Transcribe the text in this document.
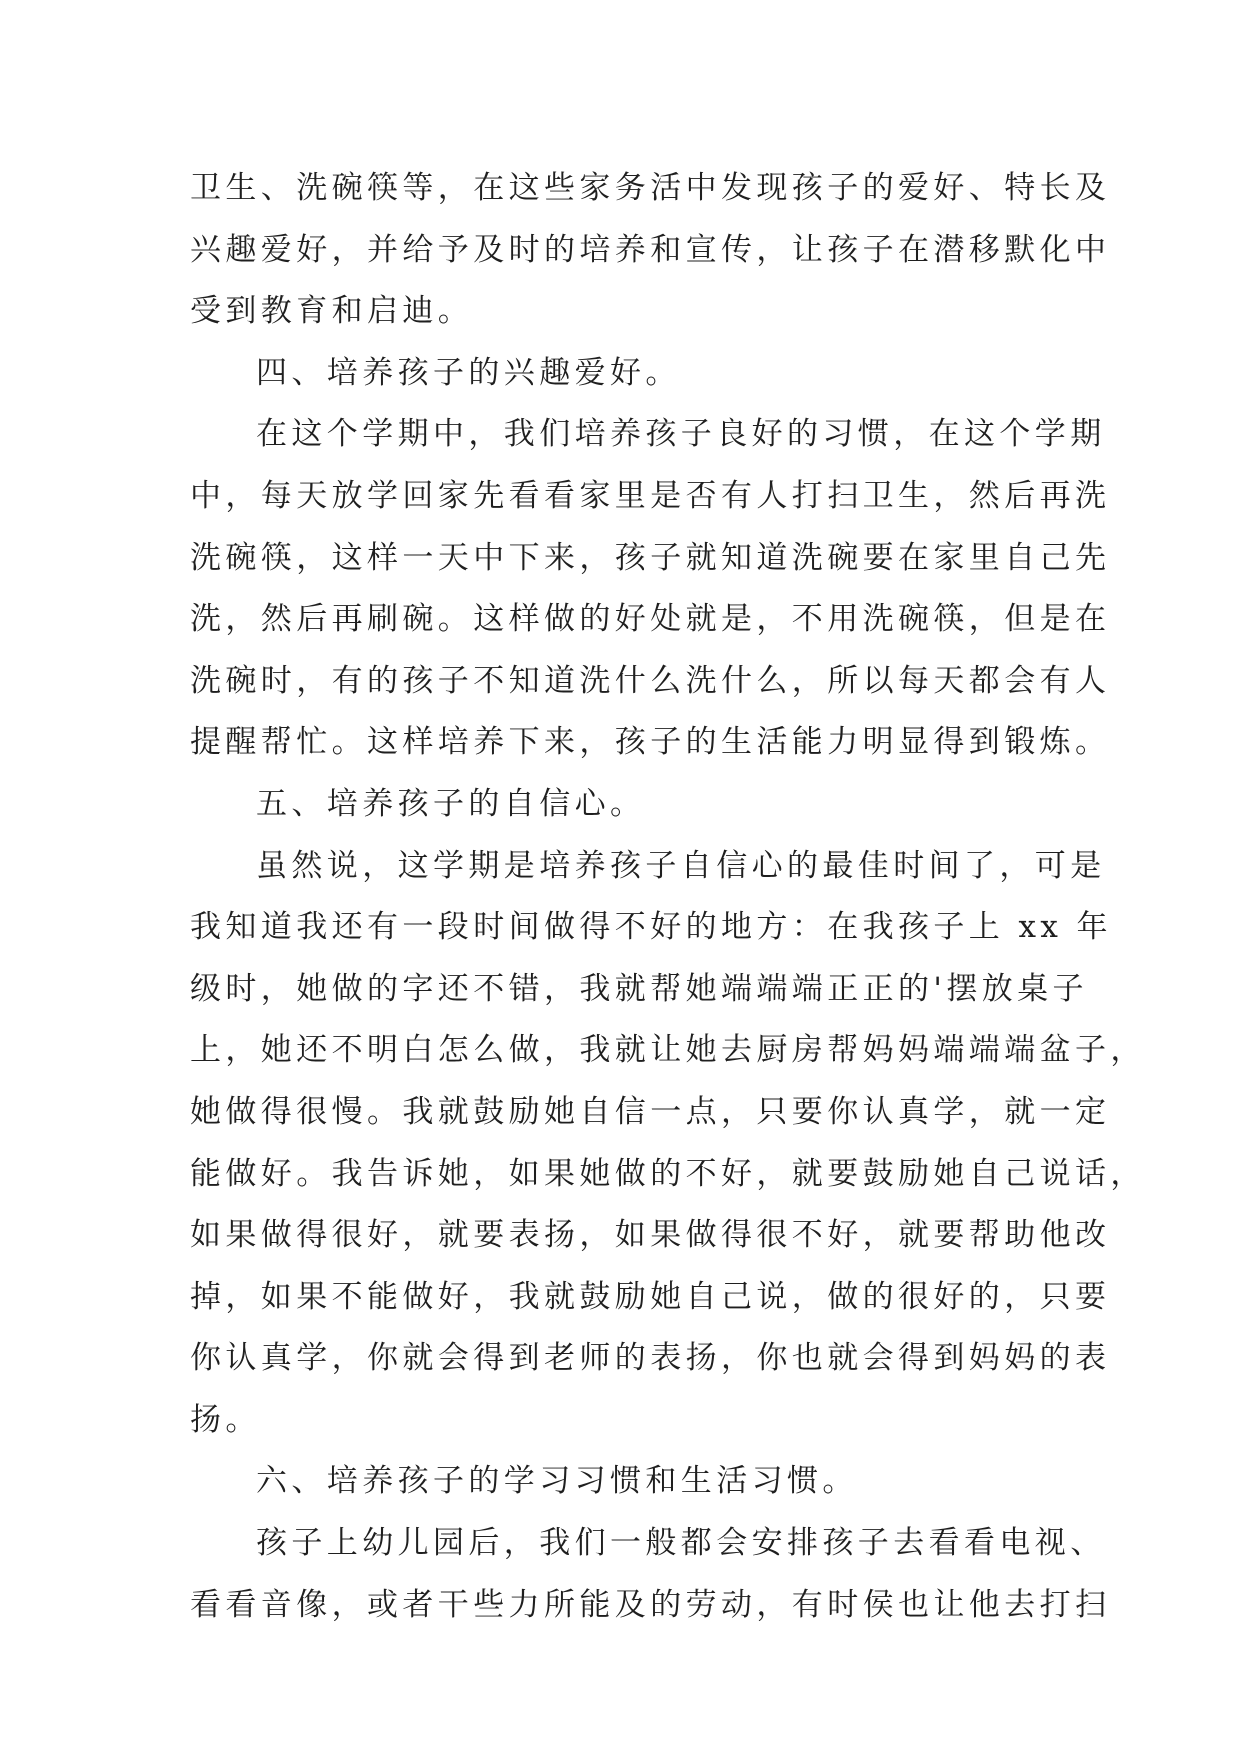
卫生、洗碗筷等，在这些家务活中发现孩子的爱好、特长及
兴趣爱好，并给予及时的培养和宣传，让孩子在潜移默化中
受到教育和启迪。
四、培养孩子的兴趣爱好。
在这个学期中，我们培养孩子良好的习惯，在这个学期
中，每天放学回家先看看家里是否有人打扫卫生，然后再洗
洗碗筷，这样一天中下来，孩子就知道洗碗要在家里自己先
洗，然后再刷碗。这样做的好处就是，不用洗碗筷，但是在
洗碗时，有的孩子不知道洗什么洗什么，所以每天都会有人
提醒帮忙。这样培养下来，孩子的生活能力明显得到锻炼。
五、培养孩子的自信心。
虽然说，这学期是培养孩子自信心的最佳时间了，可是
我知道我还有一段时间做得不好的地方：在我孩子上 xx 年
级时，她做的字还不错，我就帮她端端端正正的'摆放桌子
上，她还不明白怎么做，我就让她去厨房帮妈妈端端端盆子，
她做得很慢。我就鼓励她自信一点，只要你认真学，就一定
能做好。我告诉她，如果她做的不好，就要鼓励她自己说话，
如果做得很好，就要表扬，如果做得很不好，就要帮助他改
掉，如果不能做好，我就鼓励她自己说，做的很好的，只要
你认真学，你就会得到老师的表扬，你也就会得到妈妈的表
扬。
六、培养孩子的学习习惯和生活习惯。
孩子上幼儿园后，我们一般都会安排孩子去看看电视、
看看音像，或者干些力所能及的劳动，有时侯也让他去打扫
